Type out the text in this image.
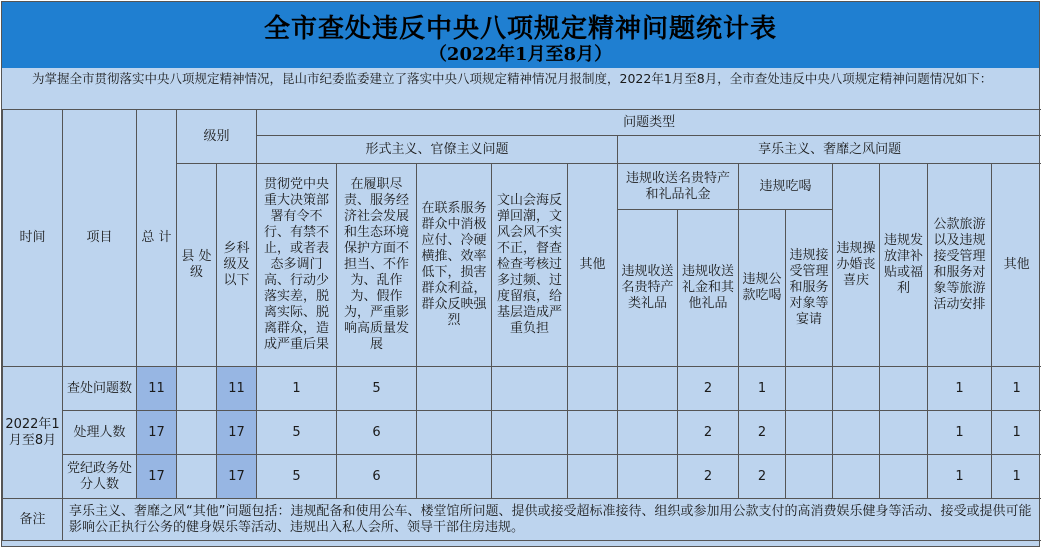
全市查处违反中央八项规定精神问题统计表
（2022年1月至8月）
为掌握全市贯彻落实中央八项规定精神情况，昆山市纪委监委建立了落实中央八项规定精神情况月报制度，2022年1月至8月，全市查处违反中央八项规定精神问题情况如下：
时间	项目	总 计	级别		问题类型												
					形式主义、官僚主义问题					享乐主义、奢靡之风问题							
			县 处级	乡科级及以下	贯彻党中央重大决策部署有令不行、有禁不止，或者表态多调门高、行动少落实差，脱离实际、脱离群众，造成严重后果	在履职尽责、服务经济社会发展和生态环境保护方面不担当、不作为、乱作为、假作为，严重影响高质量发展	在联系服务群众中消极应付、冷硬横推、效率低下，损害群众利益，群众反映强烈	文山会海反弹回潮，文风会风不实不正，督查检查考核过多过频、过度留痕，给基层造成严重负担	其他	违规收送名贵特产和礼品礼金		违规吃喝		违规操办婚丧喜庆	违规发放津补贴或福利	公款旅游以及违规接受管理和服务对象等旅游活动安排	其他
										违规收送名贵特产类礼品	违规收送礼金和其他礼品	违规公款吃喝	违规接受管理和服务对象等宴请				

2022年1月至8月	查处问题数	11		11	1	5					2	1				1	1
	处理人数	17		17	5	6					2	2				1	1
	党纪政务处分人数	17		17	5	6					2	2				1	1
备注	享乐主义、奢靡之风“其他”问题包括：违规配备和使用公车、楼堂馆所问题、提供或接受超标准接待、组织或参加用公款支付的高消费娱乐健身等活动、接受或提供可能影响公正执行公务的健身娱乐等活动、违规出入私人会所、领导干部住房违规。																
